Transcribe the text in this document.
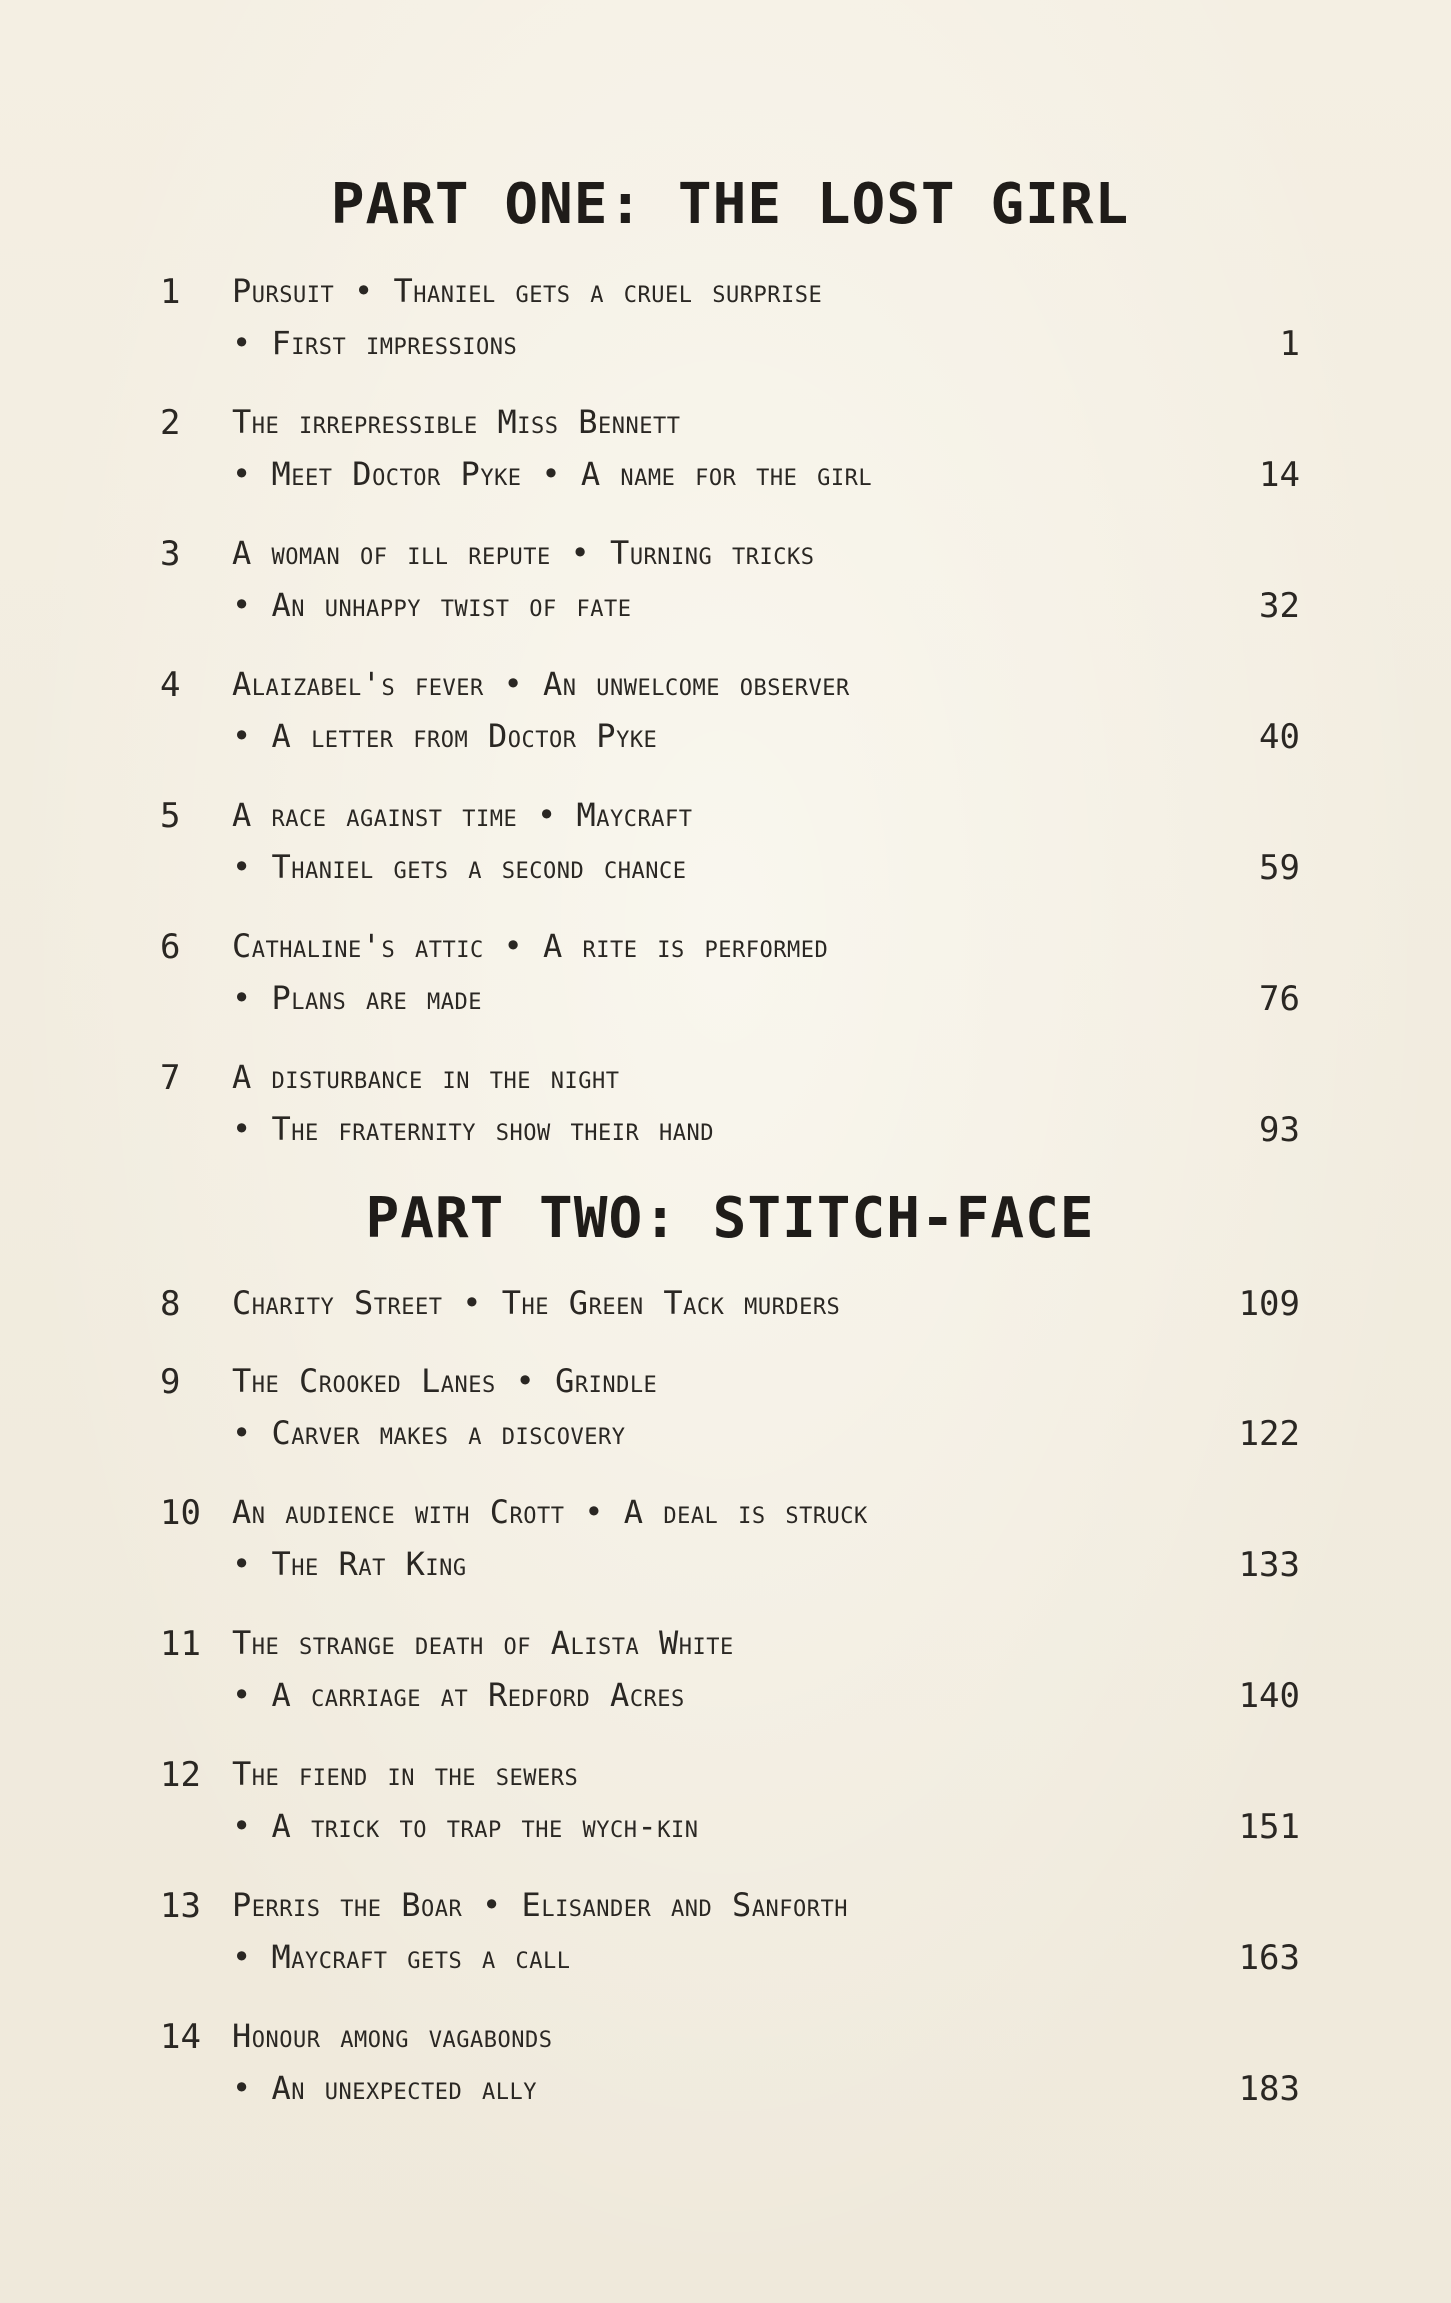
PART ONE: THE LOST GIRL
1	Pursuit • Thaniel gets a cruel surprise
• First impressions	1
2	The irrepressible Miss Bennett
• Meet Doctor Pyke • A name for the girl	14
3	A woman of ill repute • Turning tricks
• An unhappy twist of fate	32
4	Alaizabel's fever • An unwelcome observer
• A letter from Doctor Pyke	40
5	A race against time • Maycraft
• Thaniel gets a second chance	59
6	Cathaline's attic • A rite is performed
• Plans are made	76
7	A disturbance in the night
• The fraternity show their hand	93
PART TWO: STITCH-FACE
8	Charity Street • The Green Tack murders	109
9	The Crooked Lanes • Grindle
• Carver makes a discovery	122
10 An audience with Crott • A deal is struck
• The Rat King	133
11 The strange death of Alista White
• A carriage at Redford Acres	140
12 The fiend in the sewers
• A trick to trap the wych-kin	151
13 Perris the Boar • Elisander and Sanforth
• Maycraft gets a call	163
14 Honour among vagabonds
• An unexpected ally	183
